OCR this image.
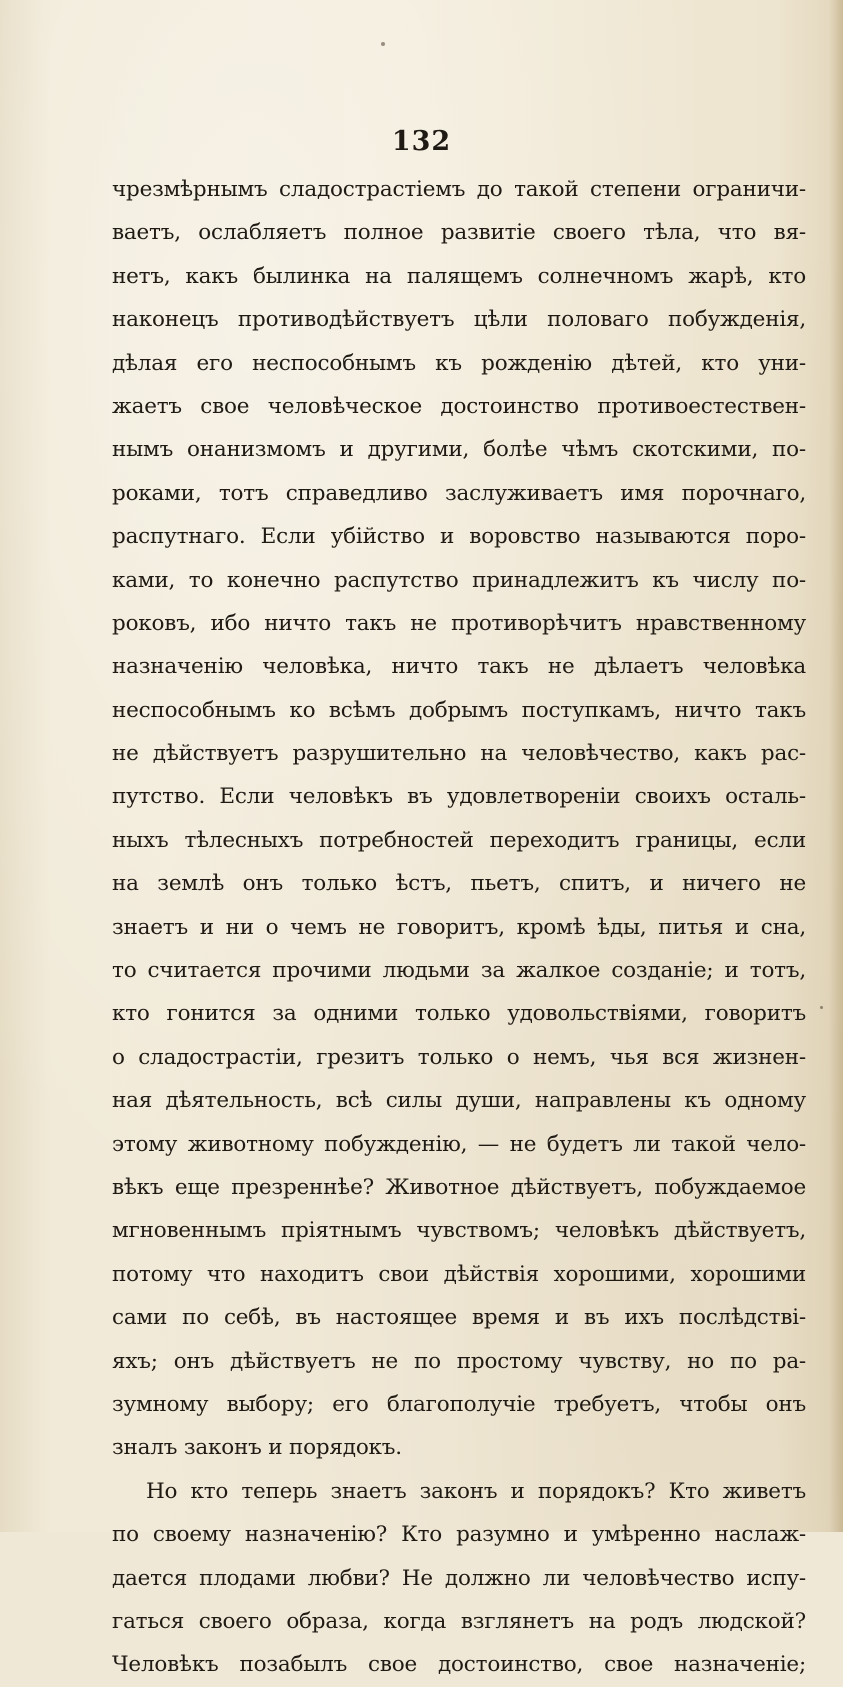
132
чрезмѣрнымъ сладострастіемъ до такой степени ограничи-
ваетъ, ослабляетъ полное развитіе своего тѣла, что вя-
нетъ, какъ былинка на палящемъ солнечномъ жарѣ, кто
наконецъ противодѣйствуетъ цѣли половаго побужденія,
дѣлая его неспособнымъ къ рожденію дѣтей, кто уни-
жаетъ свое человѣческое достоинство противоестествен-
нымъ онанизмомъ и другими, болѣе чѣмъ скотскими, по-
роками, тотъ справедливо заслуживаетъ имя порочнаго,
распутнаго. Если убійство и воровство называются поро-
ками, то конечно распутство принадлежитъ къ числу по-
роковъ, ибо ничто такъ не противорѣчитъ нравственному
назначенію человѣка, ничто такъ не дѣлаетъ человѣка
неспособнымъ ко всѣмъ добрымъ поступкамъ, ничто такъ
не дѣйствуетъ разрушительно на человѣчество, какъ рас-
путство. Если человѣкъ въ удовлетвореніи своихъ осталь-
ныхъ тѣлесныхъ потребностей переходитъ границы, если
на землѣ онъ только ѣстъ, пьетъ, спитъ, и ничего не
знаетъ и ни о чемъ не говоритъ, кромѣ ѣды, питья и сна,
то считается прочими людьми за жалкое созданіе; и тотъ,
кто гонится за одними только удовольствіями, говоритъ
о сладострастіи, грезитъ только о немъ, чья вся жизнен-
ная дѣятельность, всѣ силы души, направлены къ одному
этому животному побужденію, — не будетъ ли такой чело-
вѣкъ еще презреннѣе? Животное дѣйствуетъ, побуждаемое
мгновеннымъ пріятнымъ чувствомъ; человѣкъ дѣйствуетъ,
потому что находитъ свои дѣйствія хорошими, хорошими
сами по себѣ, въ настоящее время и въ ихъ послѣдстві-
яхъ; онъ дѣйствуетъ не по простому чувству, но по ра-
зумному выбору; его благополучіе требуетъ, чтобы онъ
зналъ законъ и порядокъ.
Но кто теперь знаетъ законъ и порядокъ? Кто живетъ
по своему назначенію? Кто разумно и умѣренно наслаж-
дается плодами любви? Не должно ли человѣчество испу-
гаться своего образа, когда взглянетъ на родъ людской?
Человѣкъ позабылъ свое достоинство, свое назначеніе;
